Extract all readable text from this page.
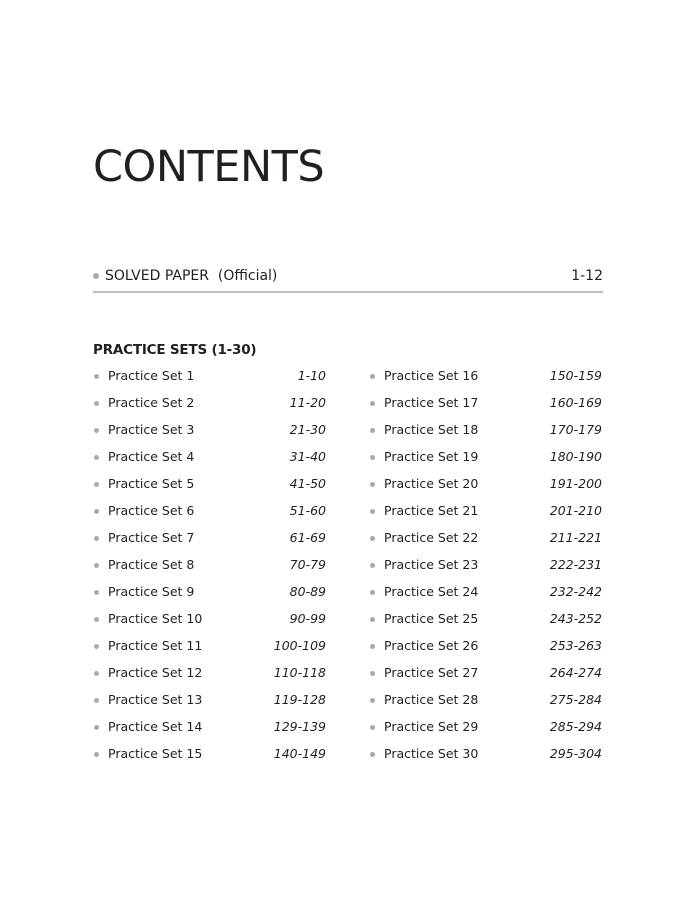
CONTENTS
SOLVED PAPER  (Official)	1-12
PRACTICE SETS (1-30)
Practice Set 1	1-10
Practice Set 2	11-20
Practice Set 3	21-30
Practice Set 4	31-40
Practice Set 5	41-50
Practice Set 6	51-60
Practice Set 7	61-69
Practice Set 8	70-79
Practice Set 9	80-89
Practice Set 10	90-99
Practice Set 11	100-109
Practice Set 12	110-118
Practice Set 13	119-128
Practice Set 14	129-139
Practice Set 15	140-149
Practice Set 16	150-159
Practice Set 17	160-169
Practice Set 18	170-179
Practice Set 19	180-190
Practice Set 20	191-200
Practice Set 21	201-210
Practice Set 22	211-221
Practice Set 23	222-231
Practice Set 24	232-242
Practice Set 25	243-252
Practice Set 26	253-263
Practice Set 27	264-274
Practice Set 28	275-284
Practice Set 29	285-294
Practice Set 30	295-304
